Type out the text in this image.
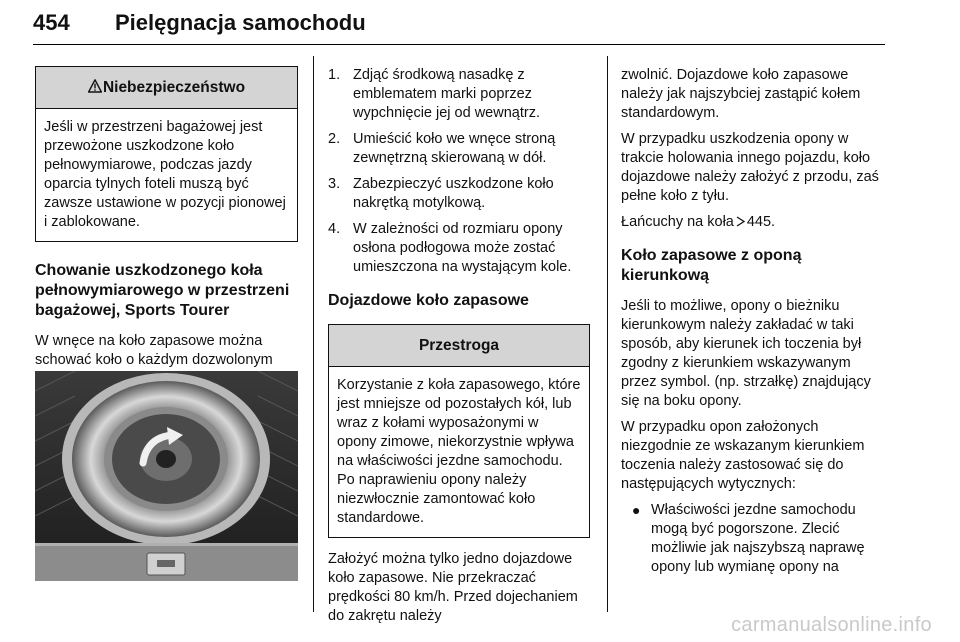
454 Pielęgnacja samochodu
Niebezpieczeństwo
Jeśli w przestrzeni bagażowej jest przewożone uszkodzone koło pełnowymiarowe, podczas jazdy oparcia tylnych foteli muszą być zawsze ustawione w pozycji pionowej i zablokowane.
Chowanie uszkodzonego koła pełnowymiarowego w przestrzeni bagażowej, Sports Tourer

W wnęce na koło zapasowe można schować koło o każdym dozwolonym

1. Zdjąć środkową nasadkę z emblematem marki poprzez wypchnięcie jej od wewnątrz.
2. Umieścić koło we wnęce stroną zewnętrzną skierowaną w dół.
3. Zabezpieczyć uszkodzone koło nakrętką motylkową.
4. W zależności od rozmiaru opony osłona podłogowa może zostać umieszczona na wystającym kole.
Dojazdowe koło zapasowe
Przestroga
Korzystanie z koła zapasowego, które jest mniejsze od pozostałych kół, lub wraz z kołami wyposażonymi w opony zimowe, niekorzystnie wpływa na właściwości jezdne samochodu. Po naprawieniu opony należy niezwłocznie zamontować koło standardowe.

Założyć można tylko jedno dojazdowe koło zapasowe. Nie przekraczać prędkości 80 km/h. Przed dojechaniem do zakrętu należy

zwolnić. Dojazdowe koło zapasowe należy jak najszybciej zastąpić kołem standardowym.

W przypadku uszkodzenia opony w trakcie holowania innego pojazdu, koło dojazdowe należy założyć z przodu, zaś pełne koło z tyłu.

Łańcuchy na koła 445.

Koło zapasowe z oponą kierunkową

Jeśli to możliwe, opony o bieżniku kierunkowym należy zakładać w taki sposób, aby kierunek ich toczenia był zgodny z kierunkiem wskazywanym przez symbol. (np. strzałkę) znajdujący się na boku opony.

W przypadku opon założonych niezgodnie ze wskazanym kierunkiem toczenia należy zastosować się do następujących wytycznych:

● Właściwości jezdne samochodu mogą być pogorszone. Zlecić możliwie jak najszybszą naprawę opony lub wymianę opony na
carmanualsonline.info
